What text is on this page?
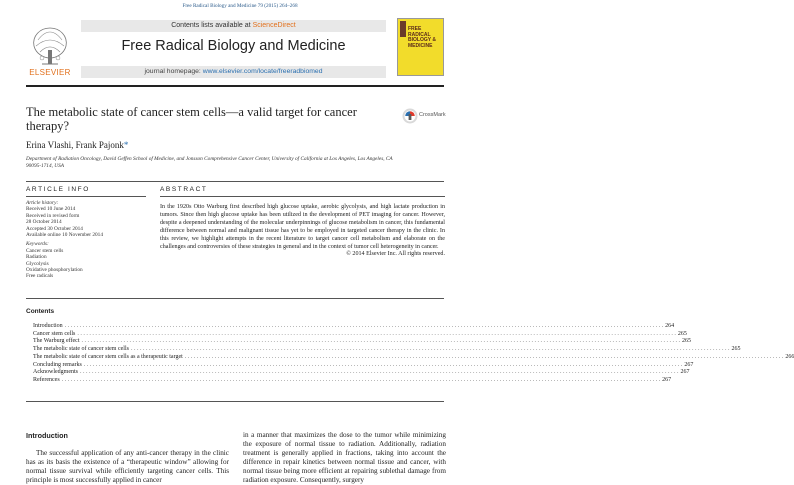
Free Radical Biology and Medicine 79 (2015) 264–268
ELSEVIER
Contents lists available at ScienceDirect
Free Radical Biology and Medicine
journal homepage: www.elsevier.com/locate/freeradbiomed
FREE RADICAL BIOLOGY & MEDICINE
The metabolic state of cancer stem cells—a valid target for cancer therapy?
CrossMark
Erina Vlashi, Frank Pajonk*
Department of Radiation Oncology, David Geffen School of Medicine, and Jonsson Comprehensive Cancer Center, University of California at Los Angeles, Los Angeles, CA 90095-1714, USA
ARTICLE INFO	ABSTRACT
Article history:
Received 10 June 2014
Received in revised form
28 October 2014
Accepted 30 October 2014
Available online 10 November 2014
Keywords:
Cancer stem cells
Radiation
Glycolysis
Oxidative phosphorylation
Free radicals
In the 1920s Otto Warburg first described high glucose uptake, aerobic glycolysis, and high lactate production in tumors. Since then high glucose uptake has been utilized in the development of PET imaging for cancer. However, despite a deepened understanding of the molecular underpinnings of glucose metabolism in cancer, this fundamental difference between normal and malignant tissue has yet to be employed in targeted cancer therapy in the clinic. In this review, we highlight attempts in the recent literature to target cancer cell metabolism and elaborate on the challenges and controversies of these strategies in general and in the context of tumor cell heterogeneity in cancer.
© 2014 Elsevier Inc. All rights reserved.
Contents
Introduction . . . . . . . . . . . . . . . . . . . . . . . . . . . . . . . . . . . . . . . . . . . . . . . . . . . . . . . . . . . . . . . . . . . . . . . . . . . . . . . . . . . . . . . . . . . . . . . . . . . . . . . . . . . . . . . . . . . . . . . . . . . . . . . . . . . . . . . . . . . . . . . . . . . . . . . . . . . . . . . . . . . . . . . . . . . . . . . . . . . . . . . . . . . . . . . . . . . . . . . . 264
Cancer stem cells . . . . . . . . . . . . . . . . . . . . . . . . . . . . . . . . . . . . . . . . . . . . . . . . . . . . . . . . . . . . . . . . . . . . . . . . . . . . . . . . . . . . . . . . . . . . . . . . . . . . . . . . . . . . . . . . . . . . . . . . . . . . . . . . . . . . . . . . . . . . . . . . . . . . . . . . . . . . . . . . . . . . . . . . . . . . . . . . . . . . . . . . . . . . . . . . . . . . . . . . 265
The Warburg effect . . . . . . . . . . . . . . . . . . . . . . . . . . . . . . . . . . . . . . . . . . . . . . . . . . . . . . . . . . . . . . . . . . . . . . . . . . . . . . . . . . . . . . . . . . . . . . . . . . . . . . . . . . . . . . . . . . . . . . . . . . . . . . . . . . . . . . . . . . . . . . . . . . . . . . . . . . . . . . . . . . . . . . . . . . . . . . . . . . . . . . . . . . . . . . . . . . . . . . . . 265
The metabolic state of cancer stem cells . . . . . . . . . . . . . . . . . . . . . . . . . . . . . . . . . . . . . . . . . . . . . . . . . . . . . . . . . . . . . . . . . . . . . . . . . . . . . . . . . . . . . . . . . . . . . . . . . . . . . . . . . . . . . . . . . . . . . . . . . . . . . . . . . . . . . . . . . . . . . . . . . . . . . . . . . . . . . . . . . . . . . . . . . . . . . . . . . . . . . . . . . . . . . . . . . . . . . . . . 265
The metabolic state of cancer stem cells as a therapeutic target . . . . . . . . . . . . . . . . . . . . . . . . . . . . . . . . . . . . . . . . . . . . . . . . . . . . . . . . . . . . . . . . . . . . . . . . . . . . . . . . . . . . . . . . . . . . . . . . . . . . . . . . . . . . . . . . . . . . . . . . . . . . . . . . . . . . . . . . . . . . . . . . . . . . . . . . . . . . . . . . . . . . . . . . . . . . . . . . . . . . . . . . . . . . . . . . . . . . . . . . 266
Concluding remarks . . . . . . . . . . . . . . . . . . . . . . . . . . . . . . . . . . . . . . . . . . . . . . . . . . . . . . . . . . . . . . . . . . . . . . . . . . . . . . . . . . . . . . . . . . . . . . . . . . . . . . . . . . . . . . . . . . . . . . . . . . . . . . . . . . . . . . . . . . . . . . . . . . . . . . . . . . . . . . . . . . . . . . . . . . . . . . . . . . . . . . . . . . . . . . . . . . . . . . . . 267
Acknowledgments . . . . . . . . . . . . . . . . . . . . . . . . . . . . . . . . . . . . . . . . . . . . . . . . . . . . . . . . . . . . . . . . . . . . . . . . . . . . . . . . . . . . . . . . . . . . . . . . . . . . . . . . . . . . . . . . . . . . . . . . . . . . . . . . . . . . . . . . . . . . . . . . . . . . . . . . . . . . . . . . . . . . . . . . . . . . . . . . . . . . . . . . . . . . . . . . . . . . . . . . 267
References . . . . . . . . . . . . . . . . . . . . . . . . . . . . . . . . . . . . . . . . . . . . . . . . . . . . . . . . . . . . . . . . . . . . . . . . . . . . . . . . . . . . . . . . . . . . . . . . . . . . . . . . . . . . . . . . . . . . . . . . . . . . . . . . . . . . . . . . . . . . . . . . . . . . . . . . . . . . . . . . . . . . . . . . . . . . . . . . . . . . . . . . . . . . . . . . . . . . . . . . 267
Introduction
The successful application of any anti-cancer therapy in the clinic has as its basis the existence of a “therapeutic window” allowing for normal tissue survival while efficiently targeting cancer cells. This principle is most successfully applied in cancer
in a manner that maximizes the dose to the tumor while minimizing the exposure of normal tissue to radiation. Additionally, radiation treatment is generally applied in fractions, taking into account the difference in repair kinetics between normal tissue and cancer, with normal tissue being more efficient at repairing sublethal damage from radiation exposure. Consequently, surgery
